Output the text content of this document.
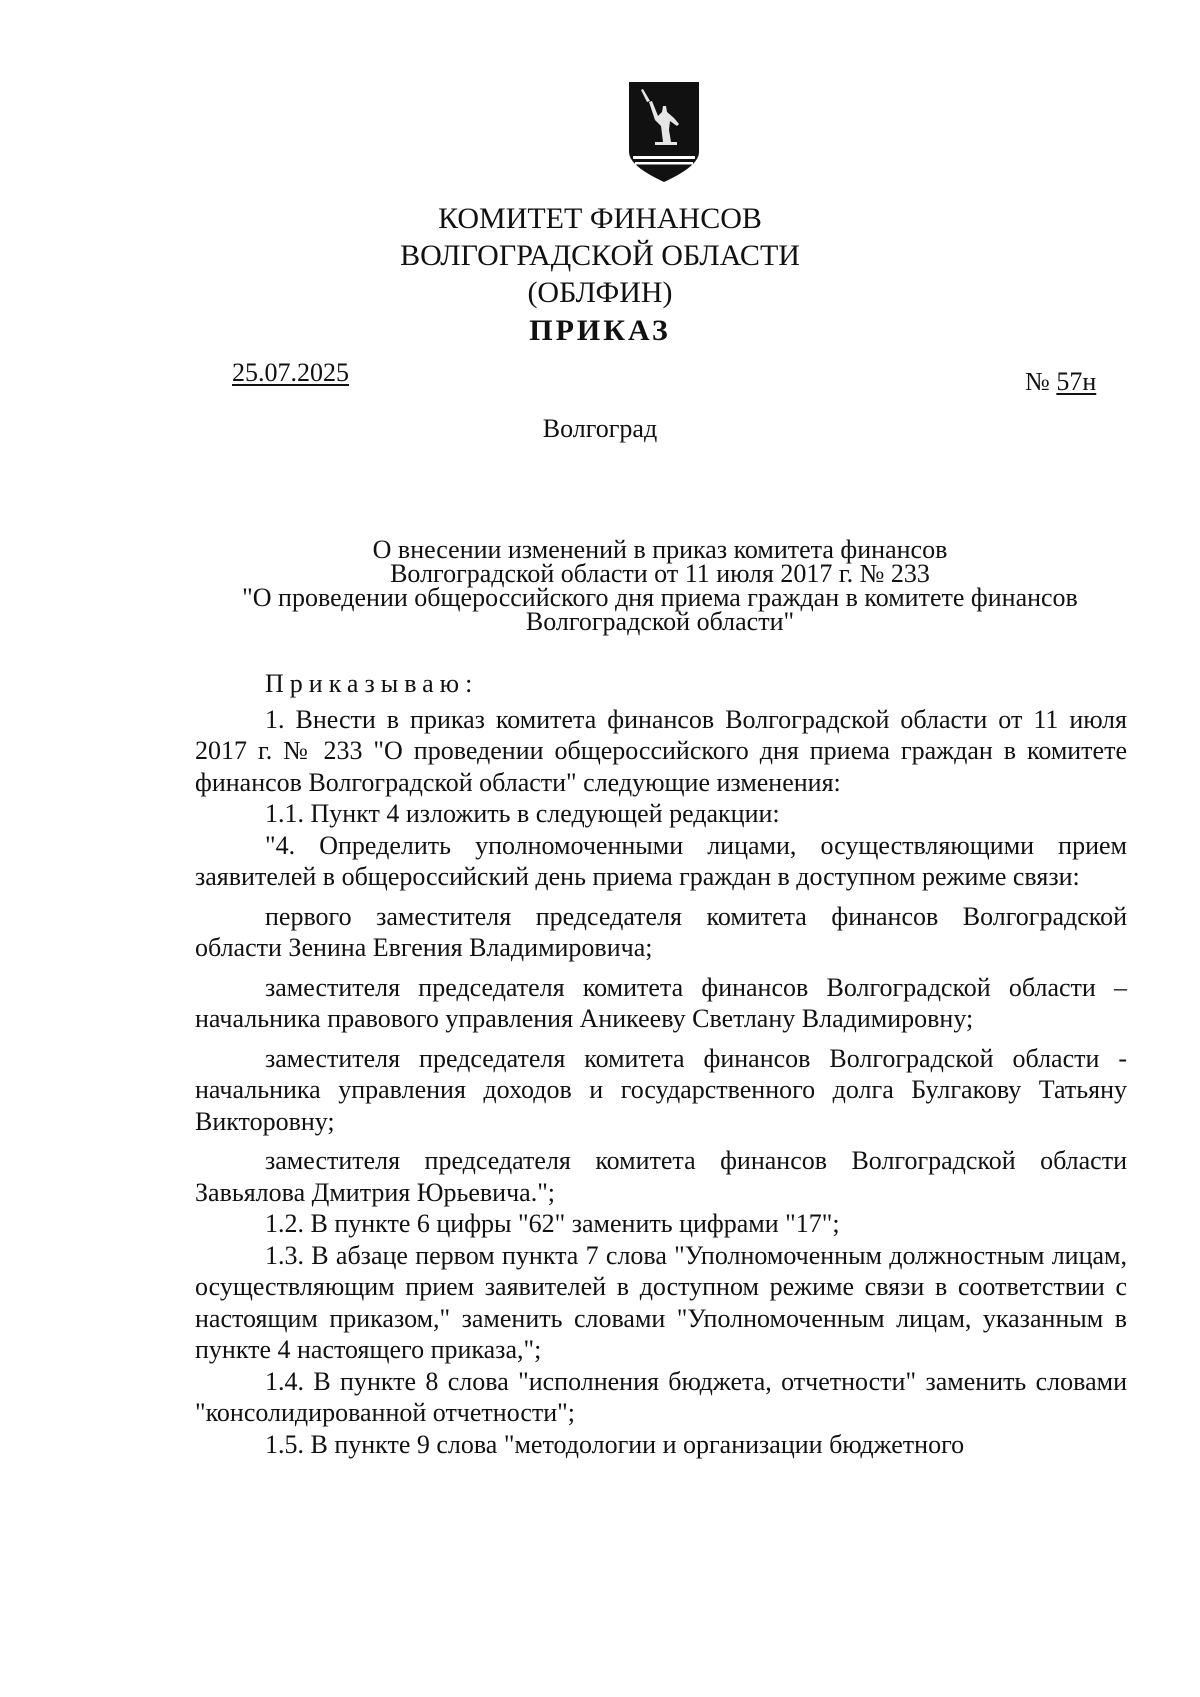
КОМИТЕТ ФИНАНСОВ
ВОЛГОГРАДСКОЙ ОБЛАСТИ
(ОБЛФИН)
ПРИКАЗ
25.07.2025	№ 57н
Волгоград
О внесении изменений в приказ комитета финансов
Волгоградской области от 11 июля 2017 г. № 233
"О проведении общероссийского дня приема граждан в комитете финансов
Волгоградской области"

Приказываю:

1. Внести в приказ комитета финансов Волгоградской области от 11 июля 2017 г. № 233 "О проведении общероссийского дня приема граждан в комитете финансов Волгоградской области" следующие изменения:

1.1. Пункт 4 изложить в следующей редакции:

"4. Определить уполномоченными лицами, осуществляющими прием заявителей в общероссийский день приема граждан в доступном режиме связи:

первого заместителя председателя комитета финансов Волгоградской области Зенина Евгения Владимировича;

заместителя председателя комитета финансов Волгоградской области – начальника правового управления Аникееву Светлану Владимировну;

заместителя председателя комитета финансов Волгоградской области - начальника управления доходов и государственного долга Булгакову Татьяну Викторовну;

заместителя председателя комитета финансов Волгоградской области Завьялова Дмитрия Юрьевича.";

1.2. В пункте 6 цифры "62" заменить цифрами "17";

1.3. В абзаце первом пункта 7 слова "Уполномоченным должностным лицам, осуществляющим прием заявителей в доступном режиме связи в соответствии с настоящим приказом," заменить словами "Уполномоченным лицам, указанным в пункте 4 настоящего приказа,";

1.4. В пункте 8 слова "исполнения бюджета, отчетности" заменить словами "консолидированной отчетности";

1.5. В пункте 9 слова "методологии и организации бюджетного
